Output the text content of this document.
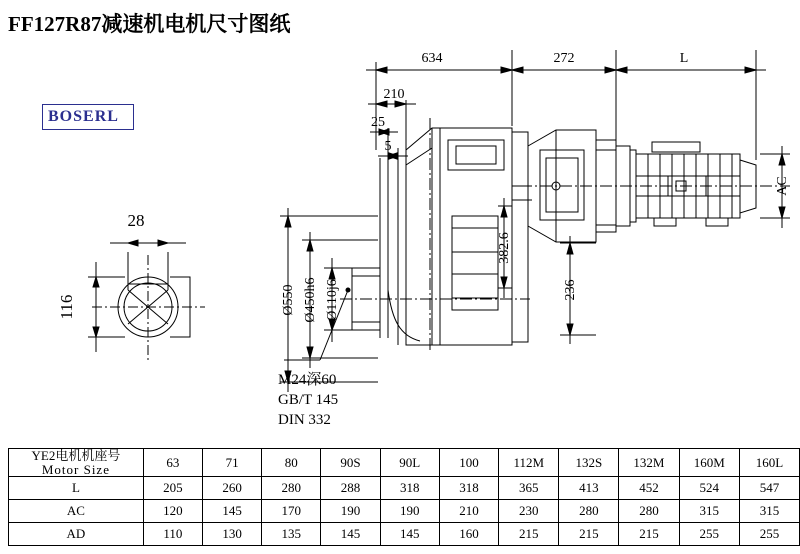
FF127R87减速机电机尺寸图纸
BOSERL
634	272	L
210
25
5
28
116	Ø550 Ø450h6 Ø110j6
382.6
236
AC
M24深60
GB/T 145
DIN 332
YE2电机机座号
Motor Size	63	71	80	90S	90L	100	112M	132S	132M	160M	160L
L	205	260	280	288	318	318	365	413	452	524	547
AC	120	145	170	190	190	210	230	280	280	315	315
AD	110	130	135	145	145	160	215	215	215	255	255
